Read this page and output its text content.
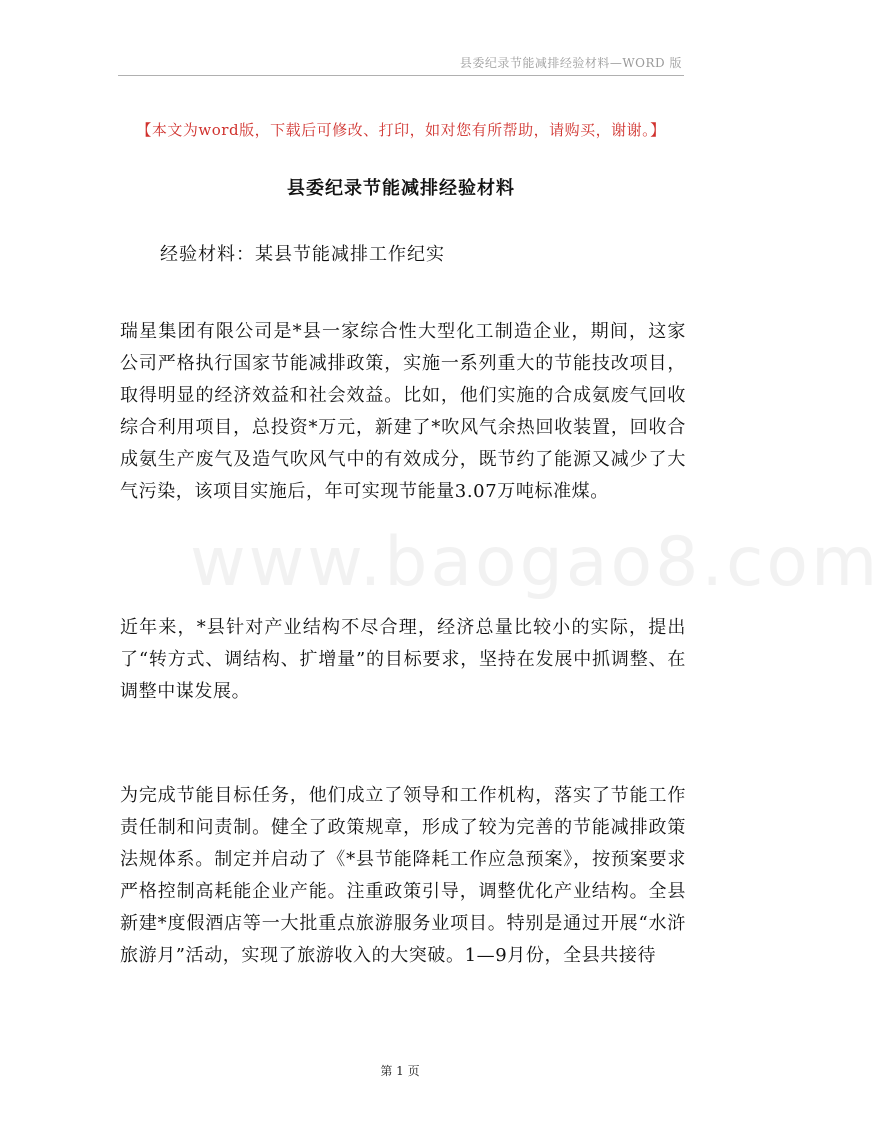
县委纪录节能减排经验材料—WORD 版
www.baogao8.com
【本文为word版，下载后可修改、打印，如对您有所帮助，请购买，谢谢。】
县委纪录节能减排经验材料
经验材料：某县节能减排工作纪实
瑞星集团有限公司是*县一家综合性大型化工制造企业，期间，这家公司严格执行国家节能减排政策，实施一系列重大的节能技改项目，取得明显的经济效益和社会效益。比如，他们实施的合成氨废气回收综合利用项目，总投资*万元，新建了*吹风气余热回收装置，回收合成氨生产废气及造气吹风气中的有效成分，既节约了能源又减少了大气污染，该项目实施后，年可实现节能量3.07万吨标准煤。
近年来，*县针对产业结构不尽合理，经济总量比较小的实际，提出了“转方式、调结构、扩增量”的目标要求，坚持在发展中抓调整、在调整中谋发展。
为完成节能目标任务，他们成立了领导和工作机构，落实了节能工作责任制和问责制。健全了政策规章，形成了较为完善的节能减排政策法规体系。制定并启动了《*县节能降耗工作应急预案》，按预案要求严格控制高耗能企业产能。注重政策引导，调整优化产业结构。全县新建*度假酒店等一大批重点旅游服务业项目。特别是通过开展“水浒旅游月”活动，实现了旅游收入的大突破。1—9月份，全县共接待
第 1 页
